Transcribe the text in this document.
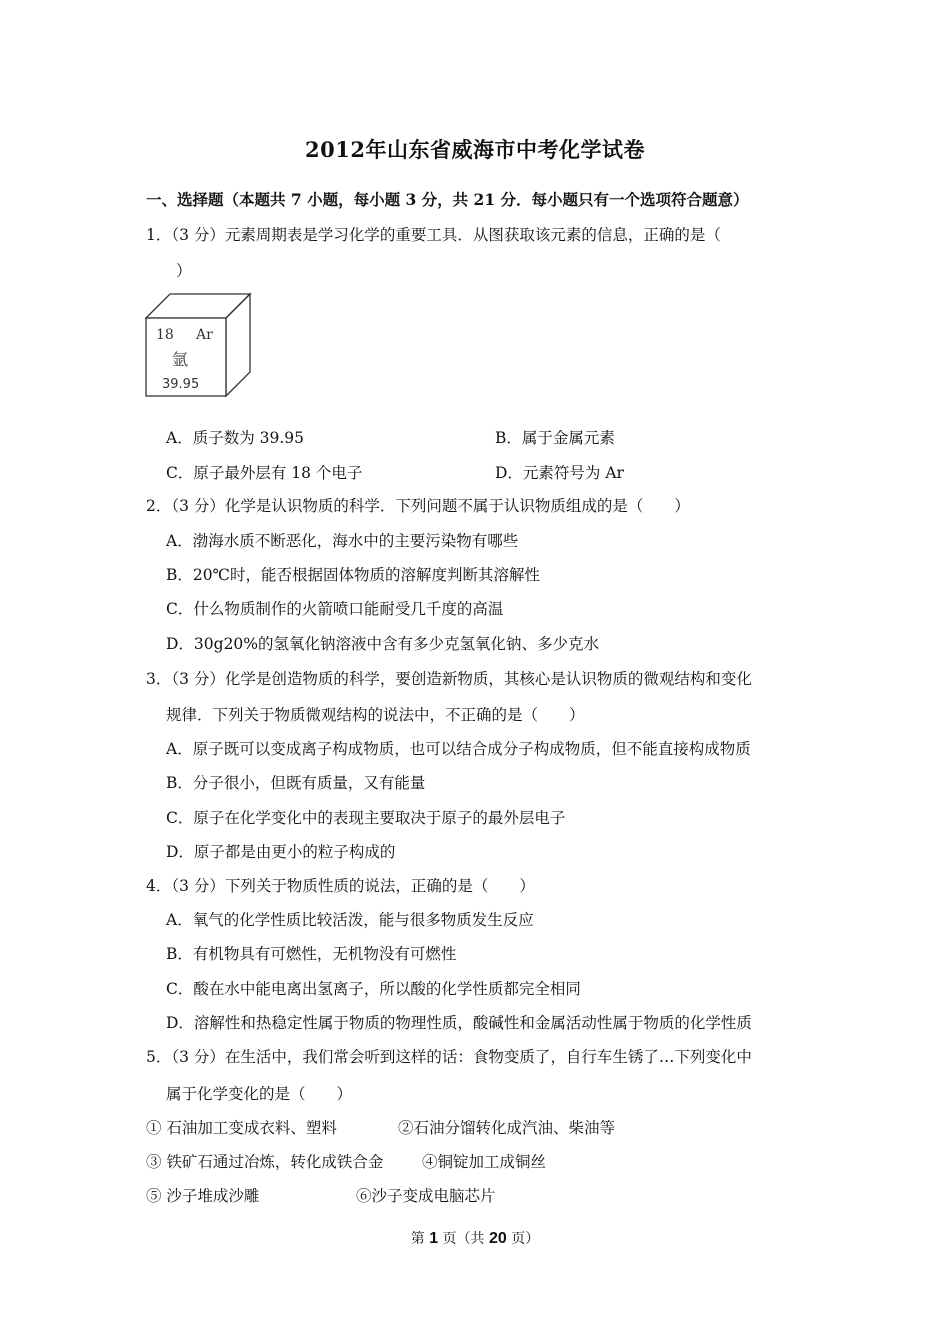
2012年山东省威海市中考化学试卷
一、选择题（本题共 7 小题，每小题 3 分，共 21 分．每小题只有一个选项符合题意）
1．（3 分）元素周期表是学习化学的重要工具．从图获取该元素的信息，正确的是（
）
18 Ar
氩
39.95
A．质子数为 39.95	B．属于金属元素
C．原子最外层有 18 个电子	D．元素符号为 Ar
2．（3 分）化学是认识物质的科学．下列问题不属于认识物质组成的是（　　）
A．渤海水质不断恶化，海水中的主要污染物有哪些
B．20℃时，能否根据固体物质的溶解度判断其溶解性
C．什么物质制作的火箭喷口能耐受几千度的高温
D．30g20%的氢氧化钠溶液中含有多少克氢氧化钠、多少克水
3．（3 分）化学是创造物质的科学，要创造新物质，其核心是认识物质的微观结构和变化
规律．下列关于物质微观结构的说法中，不正确的是（　　）
A．原子既可以变成离子构成物质，也可以结合成分子构成物质，但不能直接构成物质
B．分子很小，但既有质量，又有能量
C．原子在化学变化中的表现主要取决于原子的最外层电子
D．原子都是由更小的粒子构成的
4．（3 分）下列关于物质性质的说法，正确的是（　　）
A．氧气的化学性质比较活泼，能与很多物质发生反应
B．有机物具有可燃性，无机物没有可燃性
C．酸在水中能电离出氢离子，所以酸的化学性质都完全相同
D．溶解性和热稳定性属于物质的物理性质，酸碱性和金属活动性属于物质的化学性质
5．（3 分）在生活中，我们常会听到这样的话：食物变质了，自行车生锈了…下列变化中
属于化学变化的是（　　）
① 石油加工变成衣料、塑料	②石油分馏转化成汽油、柴油等
③ 铁矿石通过冶炼，转化成铁合金 ④铜锭加工成铜丝
⑤ 沙子堆成沙雕	⑥沙子变成电脑芯片
第 1 页（共 20 页）
